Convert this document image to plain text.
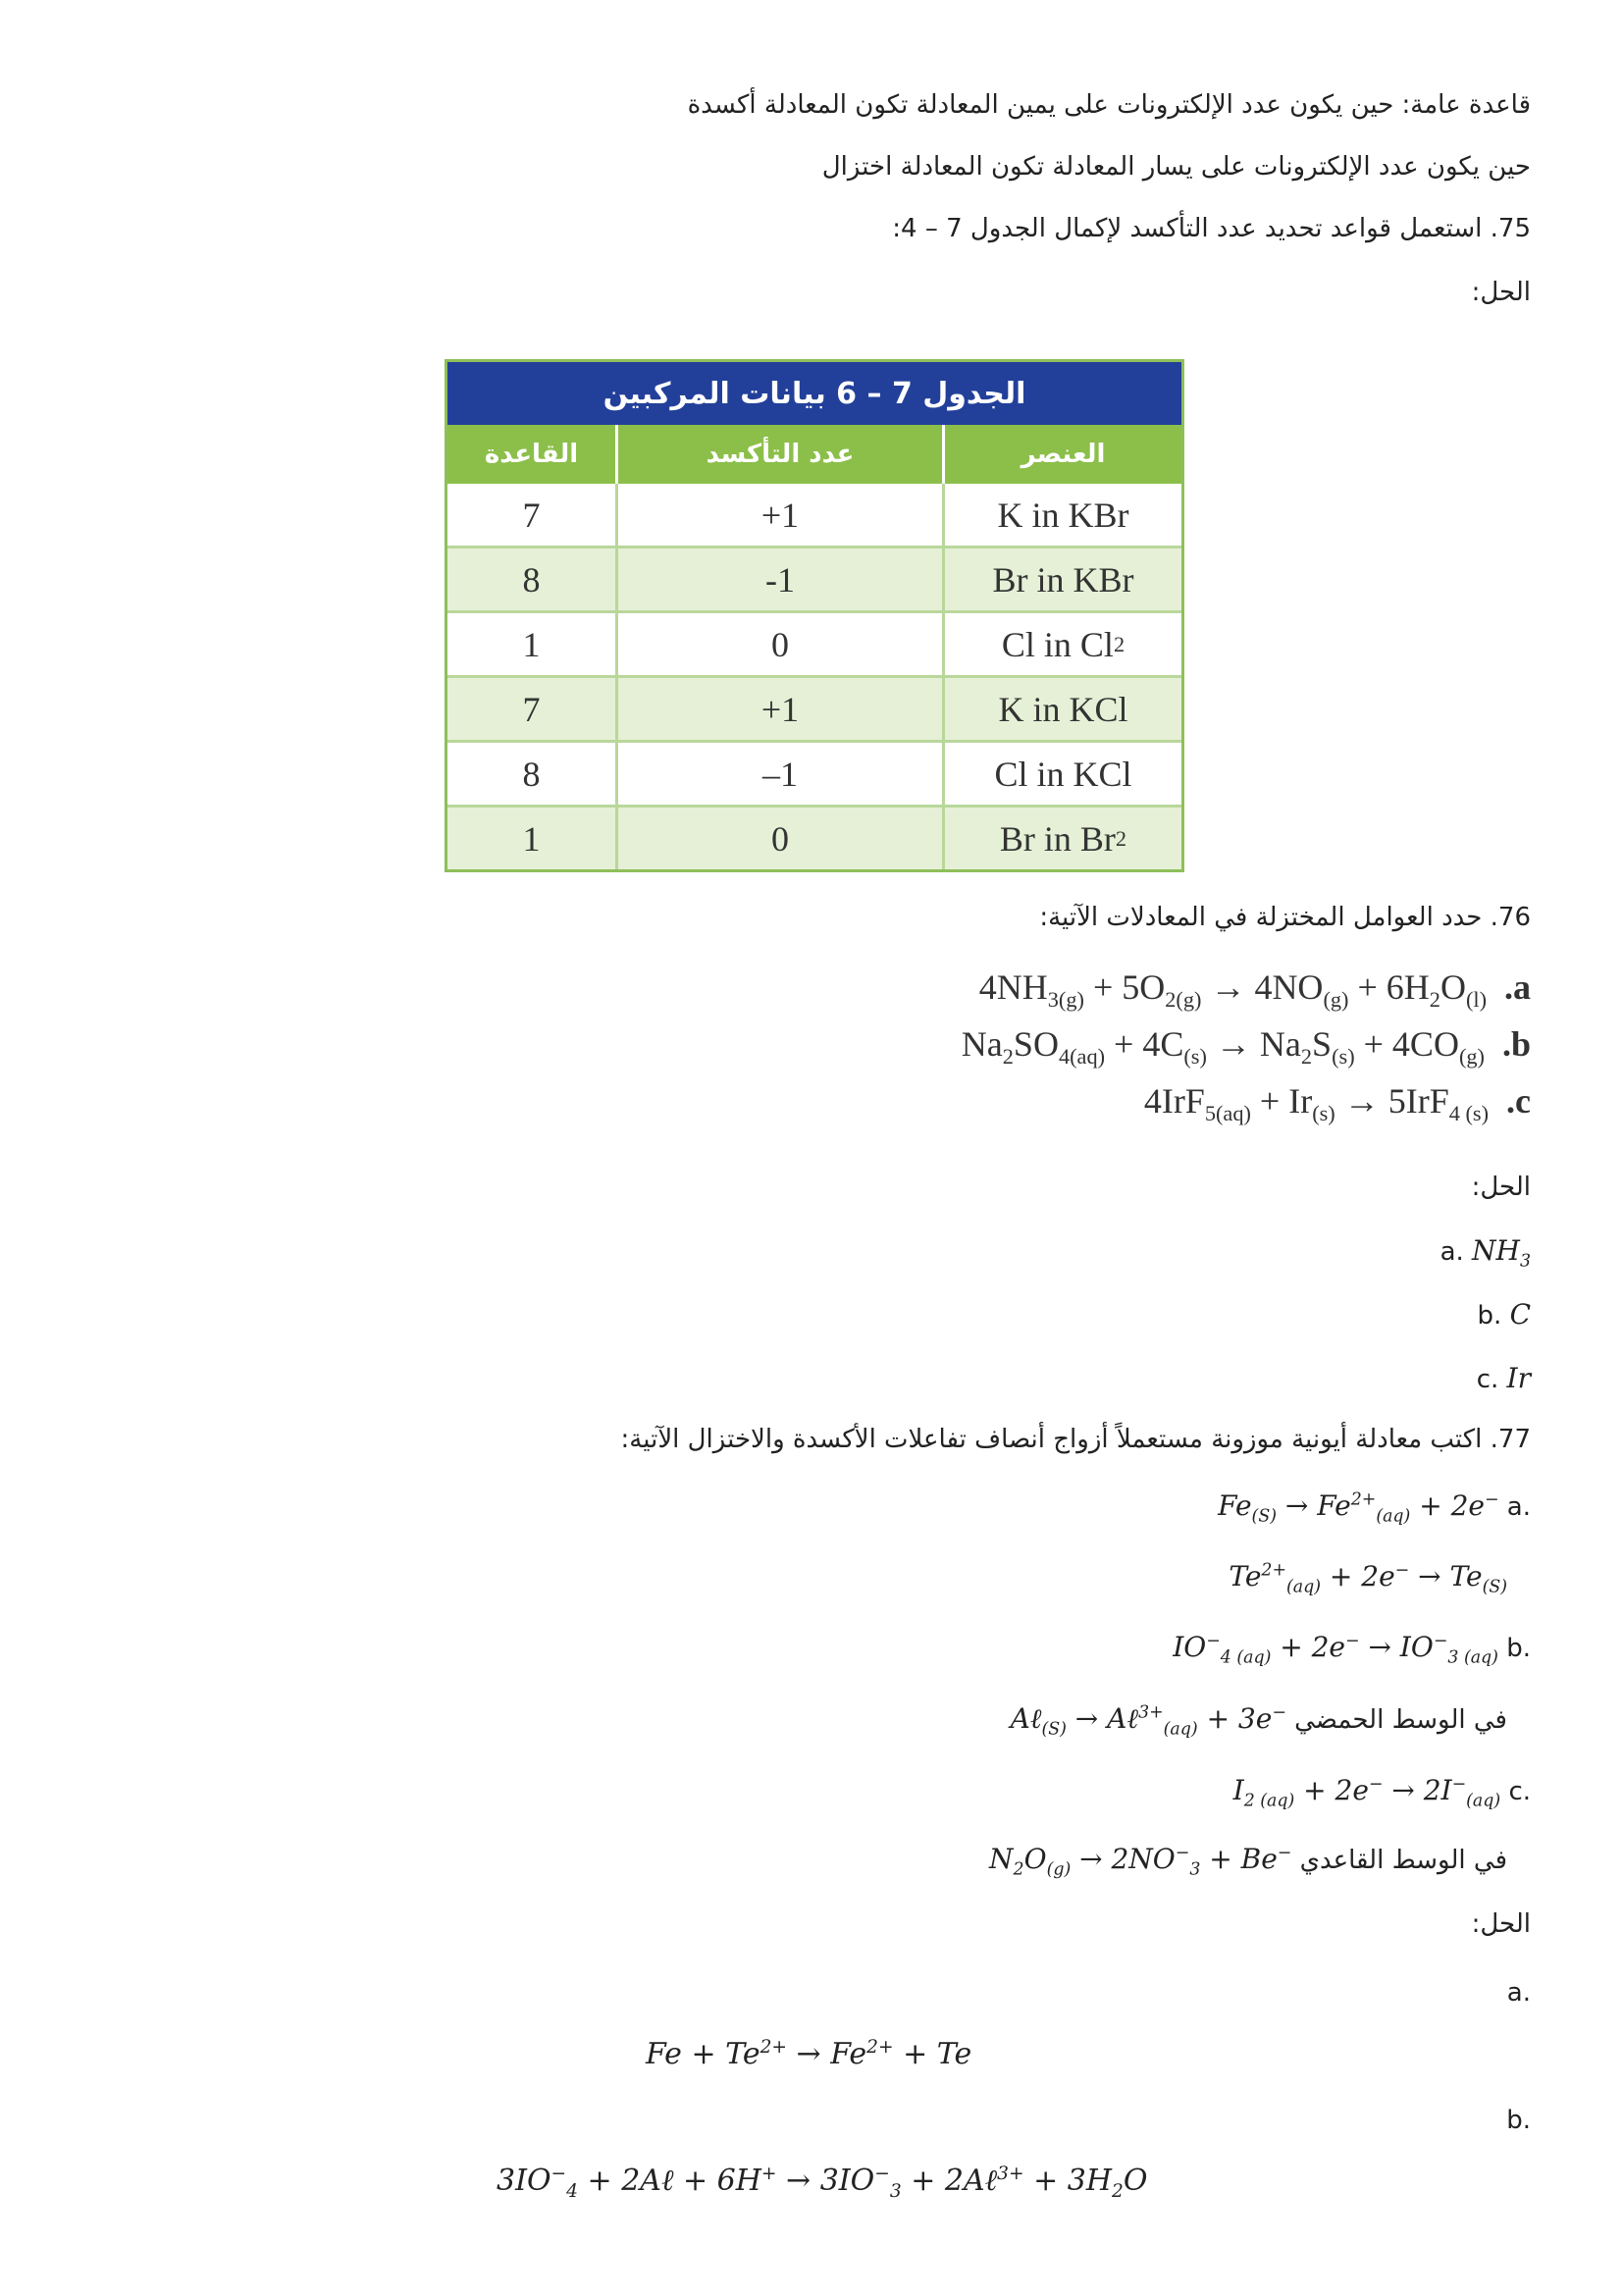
قاعدة عامة: حين يكون عدد الإلكترونات على يمين المعادلة تكون المعادلة أكسدة
حين يكون عدد الإلكترونات على يسار المعادلة تكون المعادلة اختزال
75. استعمل قواعد تحديد عدد التأكسد لإكمال الجدول 7 – 4:
الحل:
الجدول 7 – 6 بيانات المركبين
القاعدة	عدد التأكسد	العنصر
7	+1	K in KBr
8	-1	Br in KBr
1	0	Cl in Cl 2
7	+1	K in KCl
8	–1	Cl in KCl
1	0	Br in Br 2
76. حدد العوامل المختزلة في المعادلات الآتية:
$4NH_{3(g)} + 5O_{2(g)} \to 4NO_{(g)} + 6H_2O_{(l)}$ .a
$Na_2SO_{4(aq)} + 4C_{(s)} \to Na_2S_{(s)} + 4CO_{(g)}$ .b
$4IrF_{5(aq)} + Ir_{(s)} \to 5IrF_{4 (s)}$ .c
الحل:
a. $NH_3$
b. C
c. Ir
77. اكتب معادلة أيونية موزونة مستعملاً أزواج أنصاف تفاعلات الأكسدة والاختزال الآتية:
$Fe_{(S)} \to Fe^{2+}_{(aq)} + 2e^-$ a.
$Te^{2+}_{(aq)} + 2e^- \to Te_{(S)}$
$IO^-_{4 (aq)} + 2e^- \to IO^-_{3 (aq)}$ b.
في الوسط الحمضي Aℓ$_{(S)}$ → Aℓ$^{3+}_{(aq)}$ + 3e−
$I_{2 (aq)} + 2e^- \to 2I^-_{(aq)}$ c.
في الوسط القاعدي $N_2O_{(g)} \to 2NO^-_3 + Be^-$
الحل:
a.
$Fe + Te^{2+} \to Fe^{2+} + Te$
b.
$3IO^-_4$ + 2Aℓ + $6H^+ \to 3IO^-_3$ + 2Aℓ$^{3+}$ + $3H_2O$
